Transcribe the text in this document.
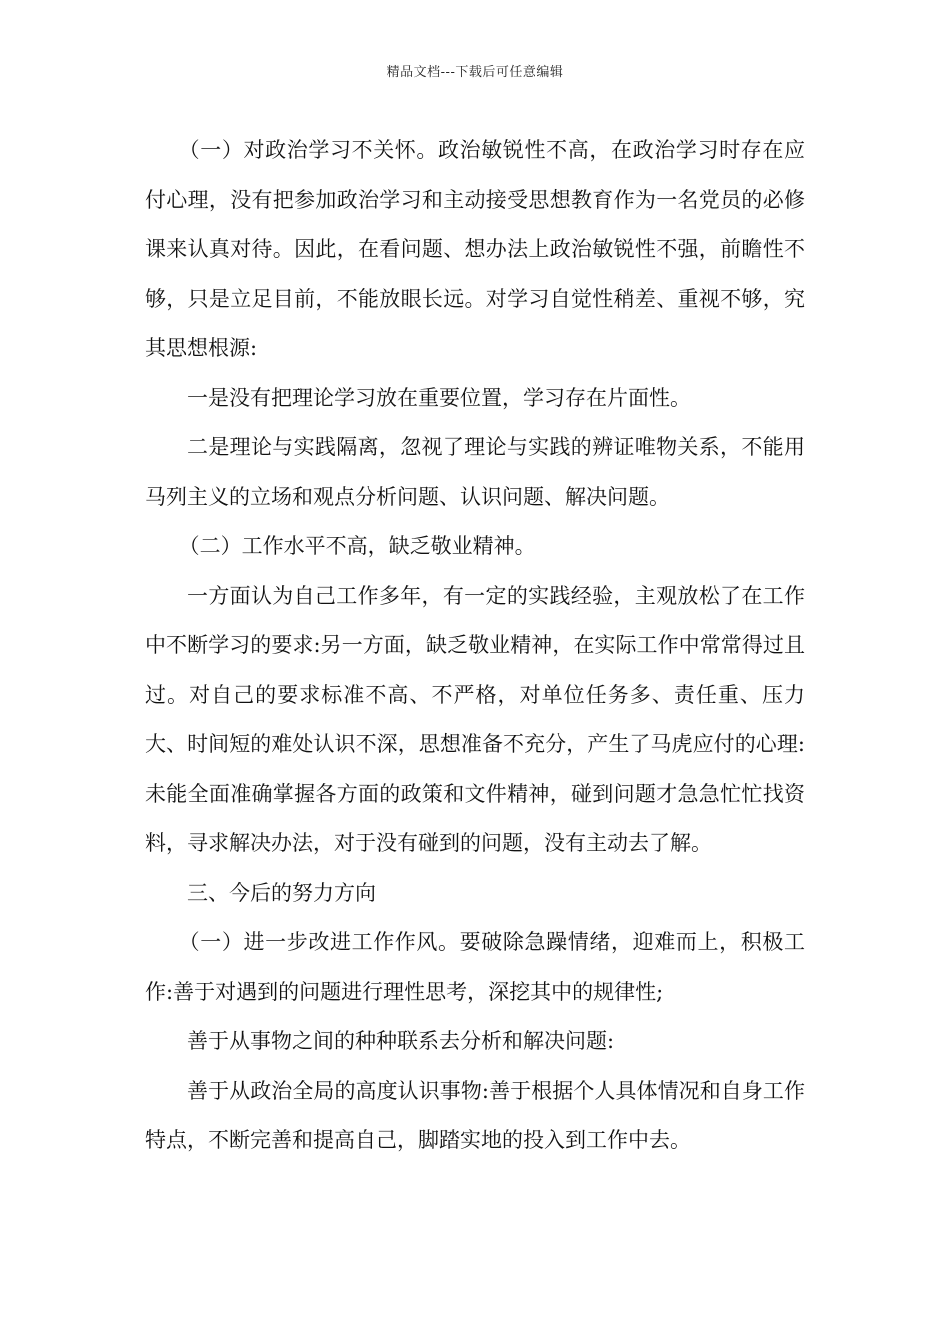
精品文档---下载后可任意编辑

（一）对政治学习不关怀。政治敏锐性不高，在政治学习时存在应付心理，没有把参加政治学习和主动接受思想教育作为一名党员的必修课来认真对待。因此，在看问题、想办法上政治敏锐性不强，前瞻性不够，只是立足目前，不能放眼长远。对学习自觉性稍差、重视不够，究其思想根源:

一是没有把理论学习放在重要位置，学习存在片面性。

二是理论与实践隔离，忽视了理论与实践的辨证唯物关系，不能用马列主义的立场和观点分析问题、认识问题、解决问题。

（二）工作水平不高，缺乏敬业精神。

一方面认为自己工作多年，有一定的实践经验，主观放松了在工作中不断学习的要求:另一方面，缺乏敬业精神，在实际工作中常常得过且过。对自己的要求标准不高、不严格，对单位任务多、责任重、压力大、时间短的难处认识不深，思想准备不充分，产生了马虎应付的心理:未能全面准确掌握各方面的政策和文件精神，碰到问题才急急忙忙找资料，寻求解决办法，对于没有碰到的问题，没有主动去了解。

三、今后的努力方向

（一）进一步改进工作作风。要破除急躁情绪，迎难而上，积极工作:善于对遇到的问题进行理性思考，深挖其中的规律性;

善于从事物之间的种种联系去分析和解决问题:

善于从政治全局的高度认识事物:善于根据个人具体情况和自身工作特点，不断完善和提高自己，脚踏实地的投入到工作中去。
